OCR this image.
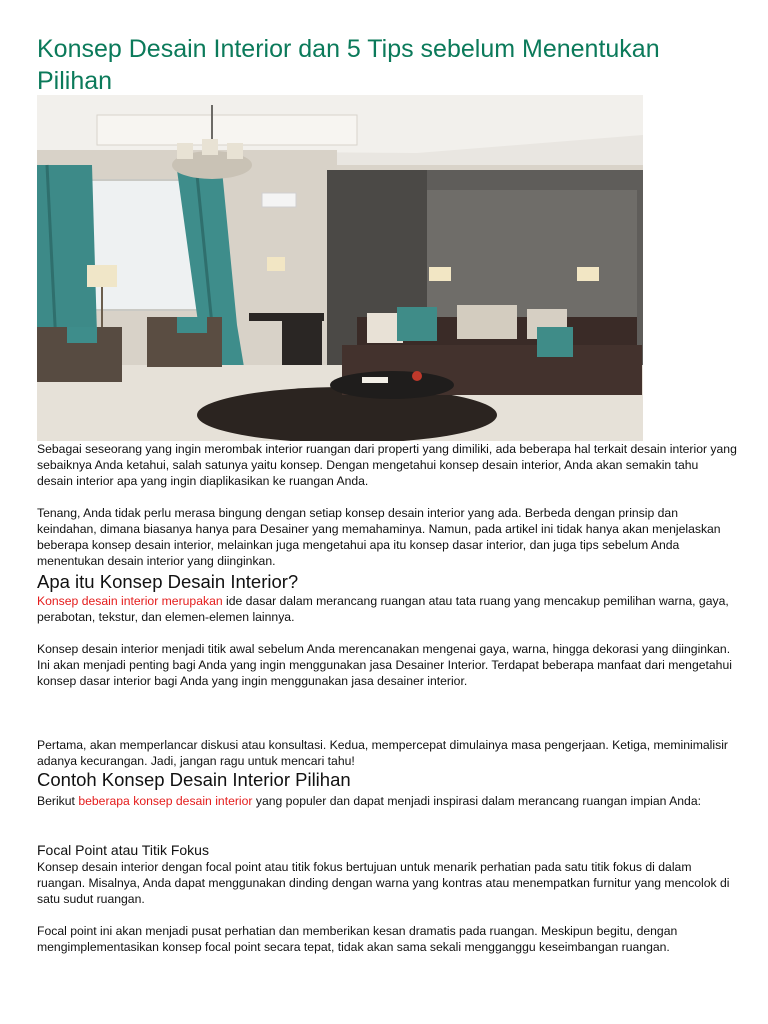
Konsep Desain Interior dan 5 Tips sebelum Menentukan Pilihan

Sebagai seseorang yang ingin merombak interior ruangan dari properti yang dimiliki, ada beberapa hal terkait desain interior yang sebaiknya Anda ketahui, salah satunya yaitu konsep. Dengan mengetahui konsep desain interior, Anda akan semakin tahu desain interior apa yang ingin diaplikasikan ke ruangan Anda.

Tenang, Anda tidak perlu merasa bingung dengan setiap konsep desain interior yang ada. Berbeda dengan prinsip dan keindahan, dimana biasanya hanya para Desainer yang memahaminya. Namun, pada artikel ini tidak hanya akan menjelaskan beberapa konsep desain interior, melainkan juga mengetahui apa itu konsep dasar interior, dan juga tips sebelum Anda menentukan desain interior yang diinginkan.

Apa itu Konsep Desain Interior?

Konsep desain interior merupakan ide dasar dalam merancang ruangan atau tata ruang yang mencakup pemilihan warna, gaya, perabotan, tekstur, dan elemen-elemen lainnya.

Konsep desain interior menjadi titik awal sebelum Anda merencanakan mengenai gaya, warna, hingga dekorasi yang diinginkan. Ini akan menjadi penting bagi Anda yang ingin menggunakan jasa Desainer Interior. Terdapat beberapa manfaat dari mengetahui konsep dasar interior bagi Anda yang ingin menggunakan jasa desainer interior.

Pertama, akan memperlancar diskusi atau konsultasi. Kedua, mempercepat dimulainya masa pengerjaan. Ketiga, meminimalisir adanya kecurangan. Jadi, jangan ragu untuk mencari tahu!

Contoh Konsep Desain Interior Pilihan

Berikut beberapa konsep desain interior yang populer dan dapat menjadi inspirasi dalam merancang ruangan impian Anda:

Focal Point atau Titik Fokus

Konsep desain interior dengan focal point atau titik fokus bertujuan untuk menarik perhatian pada satu titik fokus di dalam ruangan. Misalnya, Anda dapat menggunakan dinding dengan warna yang kontras atau menempatkan furnitur yang mencolok di satu sudut ruangan.

Focal point ini akan menjadi pusat perhatian dan memberikan kesan dramatis pada ruangan. Meskipun begitu, dengan mengimplementasikan konsep focal point secara tepat, tidak akan sama sekali mengganggu keseimbangan ruangan.
